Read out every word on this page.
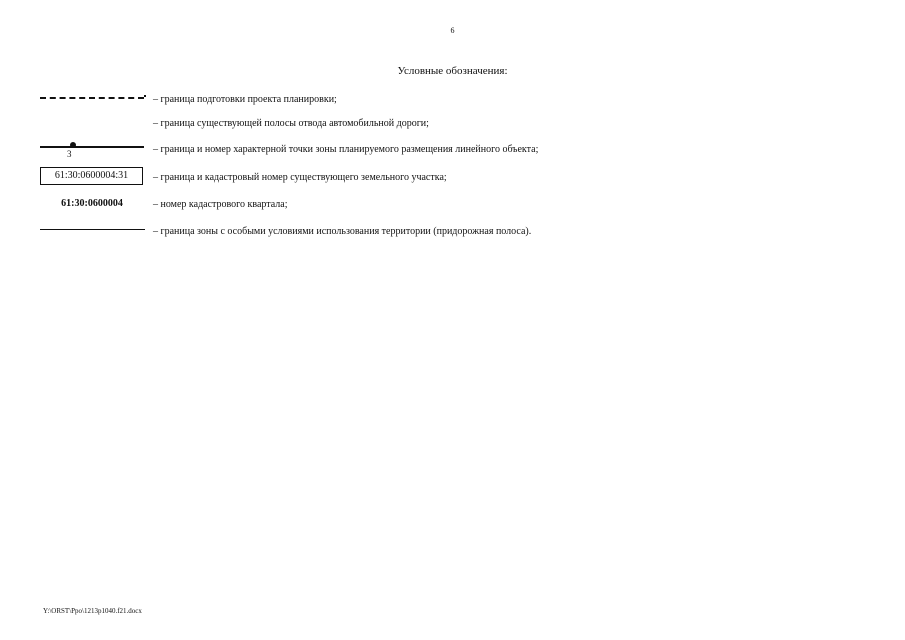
6
Условные обозначения:
– граница подготовки проекта планировки;
– граница существующей полосы отвода автомобильной дороги;
3	– граница и номер характерной точки зоны планируемого размещения линейного объекта;
61:30:0600004:31	– граница и кадастровый номер существующего земельного участка;
61:30:0600004	– номер кадастрового квартала;
– граница зоны с особыми условиями использования территории (придорожная полоса).
Y:\ORST\Ppo\1213p1040.f21.docx
